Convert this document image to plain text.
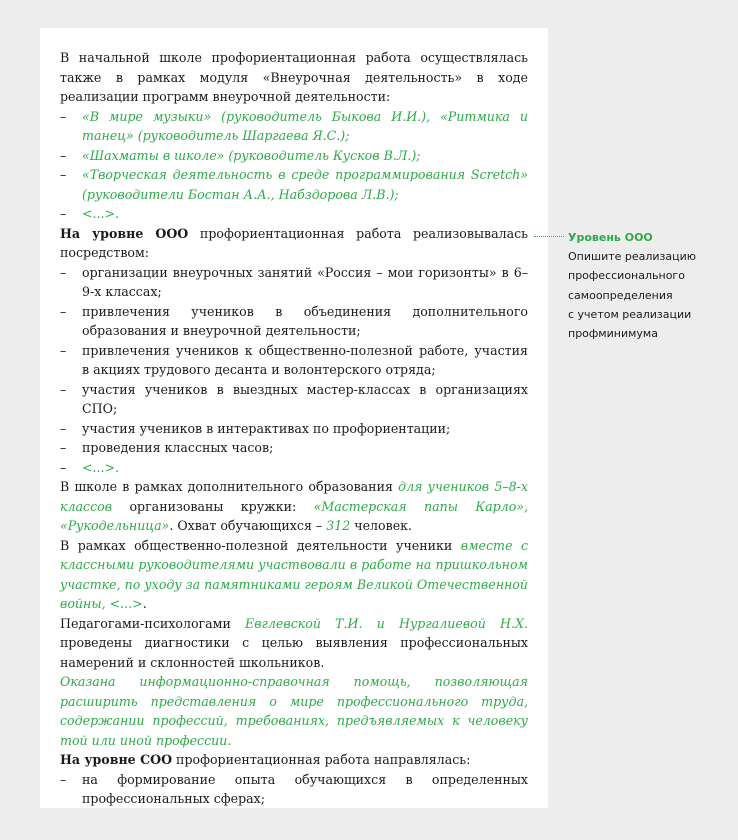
В начальной школе профориентационная работа осуществлялась также в рамках модуля «Внеурочная деятельность» в ходе реализации программ внеурочной деятельности:

– «В мире музыки» (руководитель Быкова И.И.), «Ритмика и танец» (руководитель Шаргаева Я.С.);

– «Шахматы в школе» (руководитель Кусков В.Л.);

– «Творческая деятельность в среде программирования Scretch» (руководители Бостан А.А., Набздорова Л.В.);

– <...>.

На уровне ООО профориентационная работа реализовывалась посредством:

– организации внеурочных занятий «Россия – мои горизонты» в 6–9-х классах;

– привлечения учеников в объединения дополнительного образования и внеурочной деятельности;

– привлечения учеников к общественно-полезной работе, участия в акциях трудового десанта и волонтерского отряда;

– участия учеников в выездных мастер-классах в организациях СПО;

– участия учеников в интерактивах по профориентации;

– проведения классных часов;

– <...>.

В школе в рамках дополнительного образования для учеников 5–8-х классов организованы кружки: «Мастерская папы Карло», «Рукодельница». Охват обучающихся – 312 человек.

В рамках общественно-полезной деятельности ученики вместе с классными руководителями участвовали в работе на пришкольном участке, по уходу за памятниками героям Великой Отечественной войны, <...>.

Педагогами-психологами Евглевской Т.И. и Нургалиевой Н.Х. проведены диагностики с целью выявления профессиональных намерений и склонностей школьников.

Оказана информационно-справочная помощь, позволяющая расширить представления о мире профессионального труда, содержании профессий, требованиях, предъявляемых к человеку той или иной профессии.

На уровне СОО профориентационная работа направлялась:

– на формирование опыта обучающихся в определенных профессиональных сферах;

Уровень ООО
Опишите реализацию
профессионального
самоопределения
с учетом реализации
профминимума
